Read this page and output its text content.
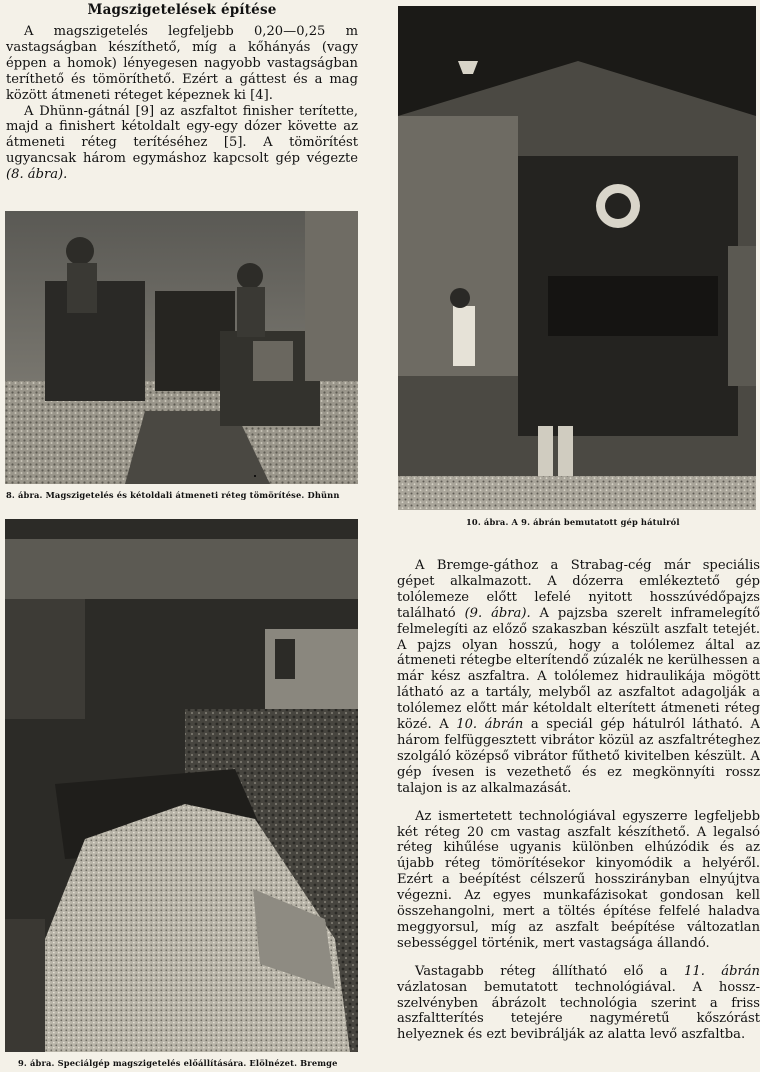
Magszigetelések építése

A magszigetelés legfeljebb 0,20—0,25 m vastagságban készíthető, míg a kőhányás (vagy éppen a homok) lényegesen nagyobb vastagságban teríthető és tömöríthető. Ezért a gáttest és a mag között átmeneti réteget képeznek ki [4].

A Dhünn-gátnál [9] az aszfaltot finisher terítette, majd a finishert kétoldalt egy-egy dózer követte az átmeneti réteg terítéséhez [5]. A tömörítést ugyancsak három egymáshoz kapcsolt gép végezte (8. ábra).

8. ábra. Magszigetelés és kétoldali átmeneti réteg tömörítése. Dhünn
9. ábra. Speciálgép magszigetelés előállítására. Elölnézet. Bremge
10. ábra. A 9. ábrán bemutatott gép hátulról

A Bremge-gáthoz a Strabag-cég már speciális gépet alkalmazott. A dózerra emlékeztető gép tolólemeze előtt lefelé nyitott hosszúvédőpajzs található (9. ábra). A pajzsba szerelt inframeleg​ítő felmelegíti az előző szakaszban készült aszfalt tetejét. A pajzs olyan hosszú, hogy a tolólemez által az átmeneti rétegbe elterítendő zúzalék ne kerülhessen a már kész aszfaltra. A tolólemez hidraulikája mögött látható az a tartály, melyből az aszfaltot adagolják a tolólemez előtt már kétoldalt elterített átmeneti réteg közé. A 10. ábrán a speciál gép hátulról látható. A három felfüggesztett vibrátor közül az aszfaltréteghez szolgáló középső vibrátor fűthető kivitelben készült. A gép ívesen is vezethető és ez megkönnyíti rossz talajon is az alkalmazását.

Az ismertetett technológiával egyszerre legfeljebb két réteg 20 cm vastag aszfalt készíthető. A legalsó réteg kihűlése ugyanis különben elhúzódik és az újabb réteg tömörítésekor kinyomódik a helyéről. Ezért a beépítést célszerű hosszirányban elnyújtva végezni. Az egyes munkafázisokat gondosan kell összehangolni, mert a töltés építése felfelé haladva meggyorsul, míg az aszfalt beépítése változatlan sebességgel történik, mert vastagsága állandó.

Vastagabb réteg állítható elő a 11. ábrán vázlatosan bemutatott technológiával. A hossz-szelvényben ábrázolt technológia szerint a friss aszfaltterítés tetejére nagyméretű kőszórást helyeznek és ezt bevibrálják az alatta levő aszfaltba.
